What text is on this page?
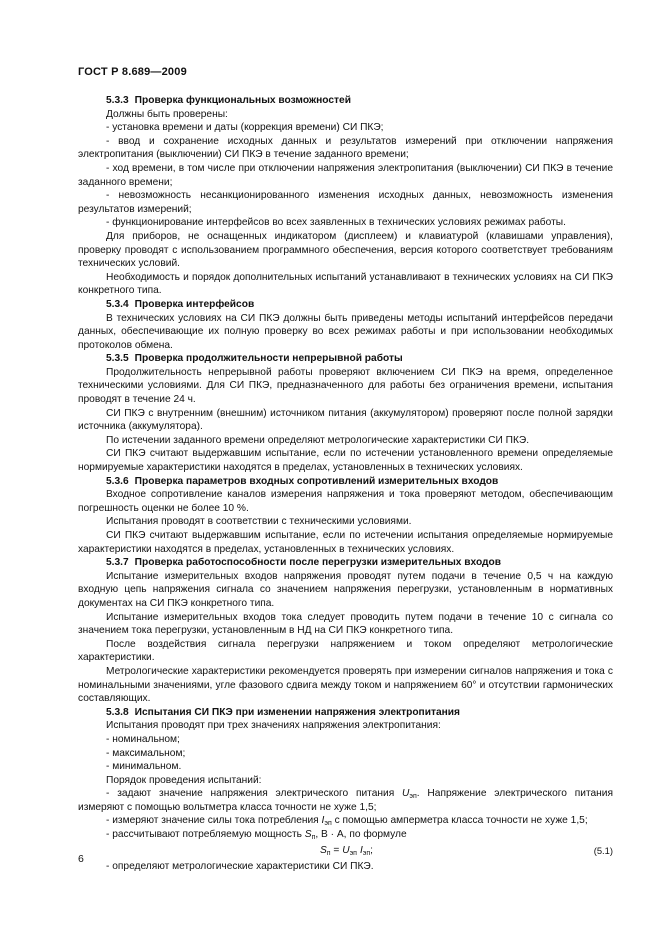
ГОСТ Р 8.689—2009
5.3.3 Проверка функциональных возможностей

Должны быть проверены:

- установка времени и даты (коррекция времени) СИ ПКЭ;

- ввод и сохранение исходных данных и результатов измерений при отключении напряжения электропитания (выключении) СИ ПКЭ в течение заданного времени;

- ход времени, в том числе при отключении напряжения электропитания (выключении) СИ ПКЭ в течение заданного времени;

- невозможность несанкционированного изменения исходных данных, невозможность изменения результатов измерений;

- функционирование интерфейсов во всех заявленных в технических условиях режимах работы.

Для приборов, не оснащенных индикатором (дисплеем) и клавиатурой (клавишами управления), проверку проводят с использованием программного обеспечения, версия которого соответствует требованиям технических условий.

Необходимость и порядок дополнительных испытаний устанавливают в технических условиях на СИ ПКЭ конкретного типа.

5.3.4 Проверка интерфейсов

В технических условиях на СИ ПКЭ должны быть приведены методы испытаний интерфейсов передачи данных, обеспечивающие их полную проверку во всех режимах работы и при использовании необходимых протоколов обмена.

5.3.5 Проверка продолжительности непрерывной работы

Продолжительность непрерывной работы проверяют включением СИ ПКЭ на время, определенное техническими условиями. Для СИ ПКЭ, предназначенного для работы без ограничения времени, испытания проводят в течение 24 ч.

СИ ПКЭ с внутренним (внешним) источником питания (аккумулятором) проверяют после полной зарядки источника (аккумулятора).

По истечении заданного времени определяют метрологические характеристики СИ ПКЭ.

СИ ПКЭ считают выдержавшим испытание, если по истечении установленного времени определяемые нормируемые характеристики находятся в пределах, установленных в технических условиях.

5.3.6 Проверка параметров входных сопротивлений измерительных входов

Входное сопротивление каналов измерения напряжения и тока проверяют методом, обеспечивающим погрешность оценки не более 10 %.

Испытания проводят в соответствии с техническими условиями.

СИ ПКЭ считают выдержавшим испытание, если по истечении испытания определяемые нормируемые характеристики находятся в пределах, установленных в технических условиях.

5.3.7 Проверка работоспособности после перегрузки измерительных входов

Испытание измерительных входов напряжения проводят путем подачи в течение 0,5 ч на каждую входную цепь напряжения сигнала со значением напряжения перегрузки, установленным в нормативных документах на СИ ПКЭ конкретного типа.

Испытание измерительных входов тока следует проводить путем подачи в течение 10 с сигнала со значением тока перегрузки, установленным в НД на СИ ПКЭ конкретного типа.

После воздействия сигнала перегрузки напряжением и током определяют метрологические характеристики.

Метрологические характеристики рекомендуется проверять при измерении сигналов напряжения и тока с номинальными значениями, угле фазового сдвига между током и напряжением 60° и отсутствии гармонических составляющих.

5.3.8 Испытания СИ ПКЭ при изменении напряжения электропитания

Испытания проводят при трех значениях напряжения электропитания:

- номинальном;

- максимальном;

- минимальном.

Порядок проведения испытаний:

- задают значение напряжения электрического питания $U_{эп}$. Напряжение электрического питания измеряют с помощью вольтметра класса точности не хуже 1,5;

- измеряют значение силы тока потребления $I_{эп}$ с помощью амперметра класса точности не хуже 1,5;

- рассчитывают потребляемую мощность $S_п$, В · А, по формуле

$S_п = U_{эп}$ $I_{эп}$;	(5.1)

- определяют метрологические характеристики СИ ПКЭ.

6
